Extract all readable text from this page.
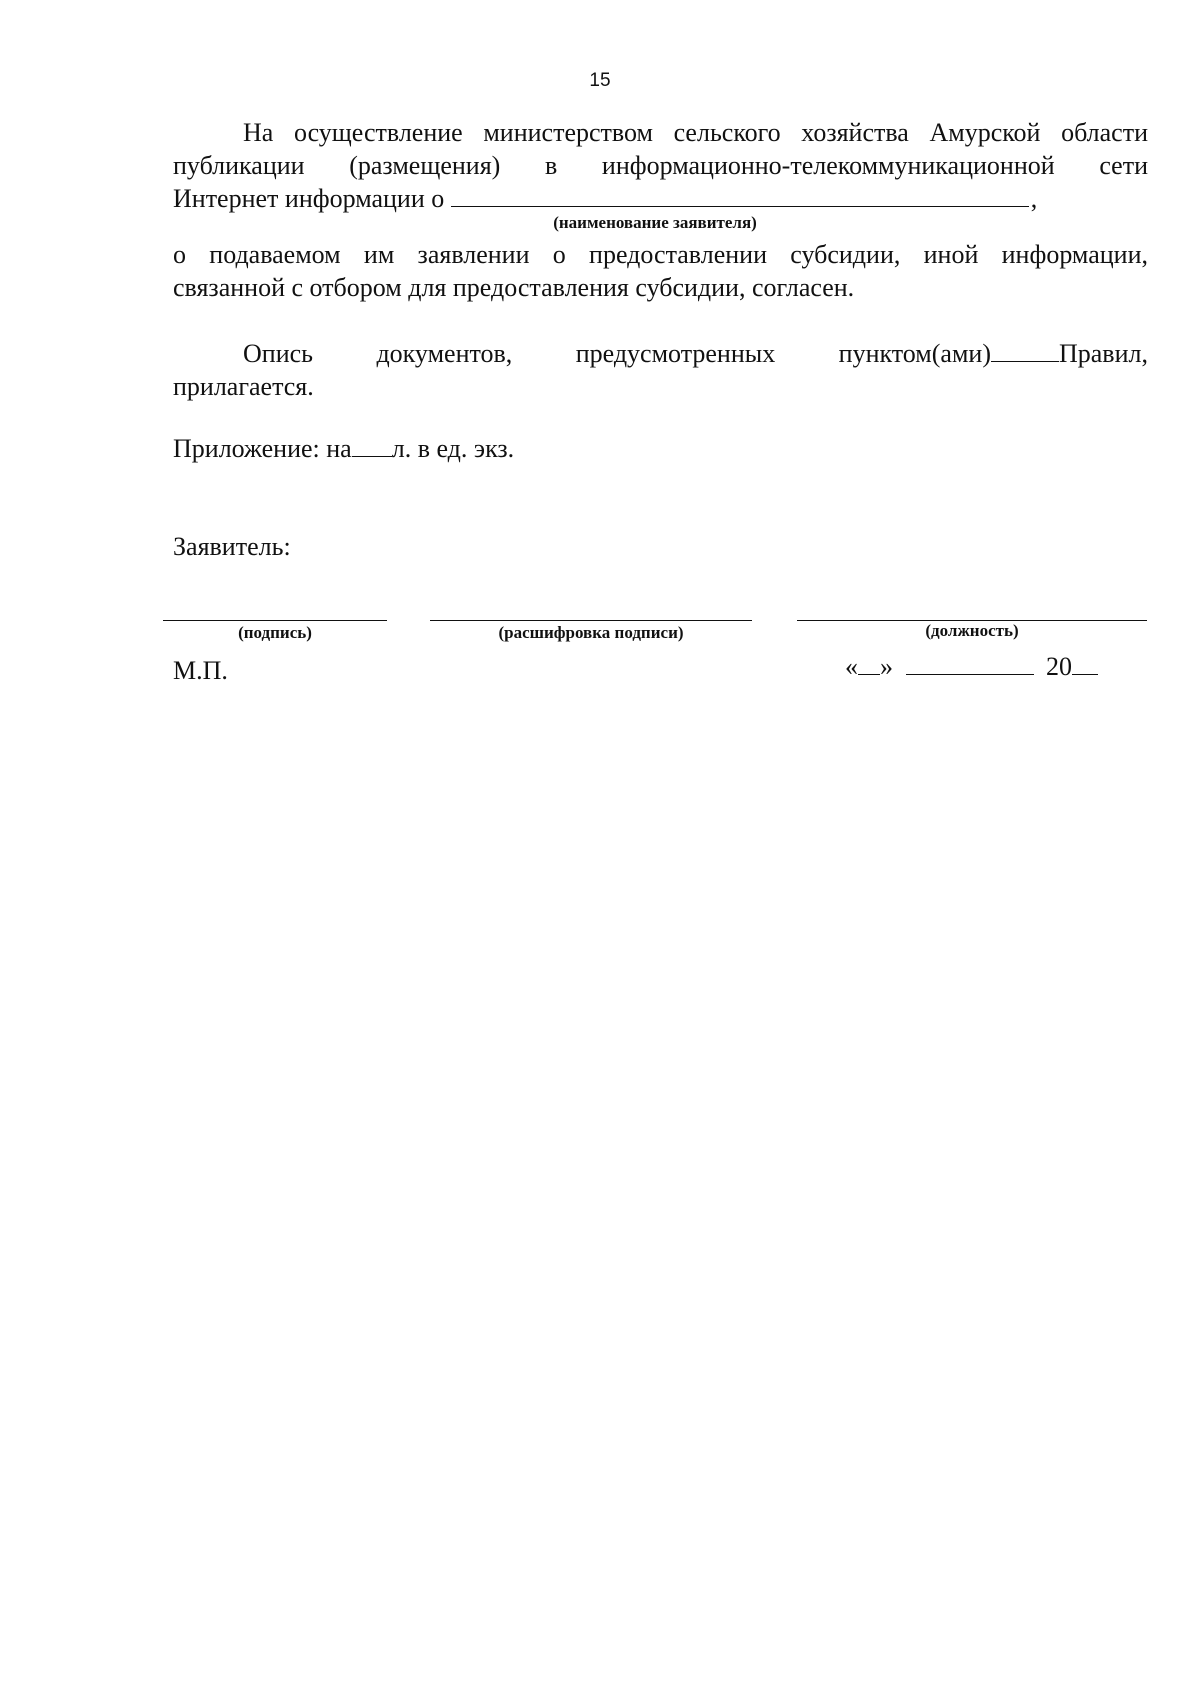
15
На осуществление министерством сельского хозяйства Амурской области
публикации (размещения) в информационно-телекоммуникационной сети
Интернет информации о	,
(наименование заявителя)
о подаваемом им заявлении о предоставлении субсидии, иной информации,
связанной с отбором для предоставления субсидии, согласен.
Опись документов, предусмотренных пунктом(ами)	Правил,
прилагается.
Приложение: на л. в ед. экз.
Заявитель:
(подпись)	(расшифровка подписи)	(должность)
М.П.	« »	20
